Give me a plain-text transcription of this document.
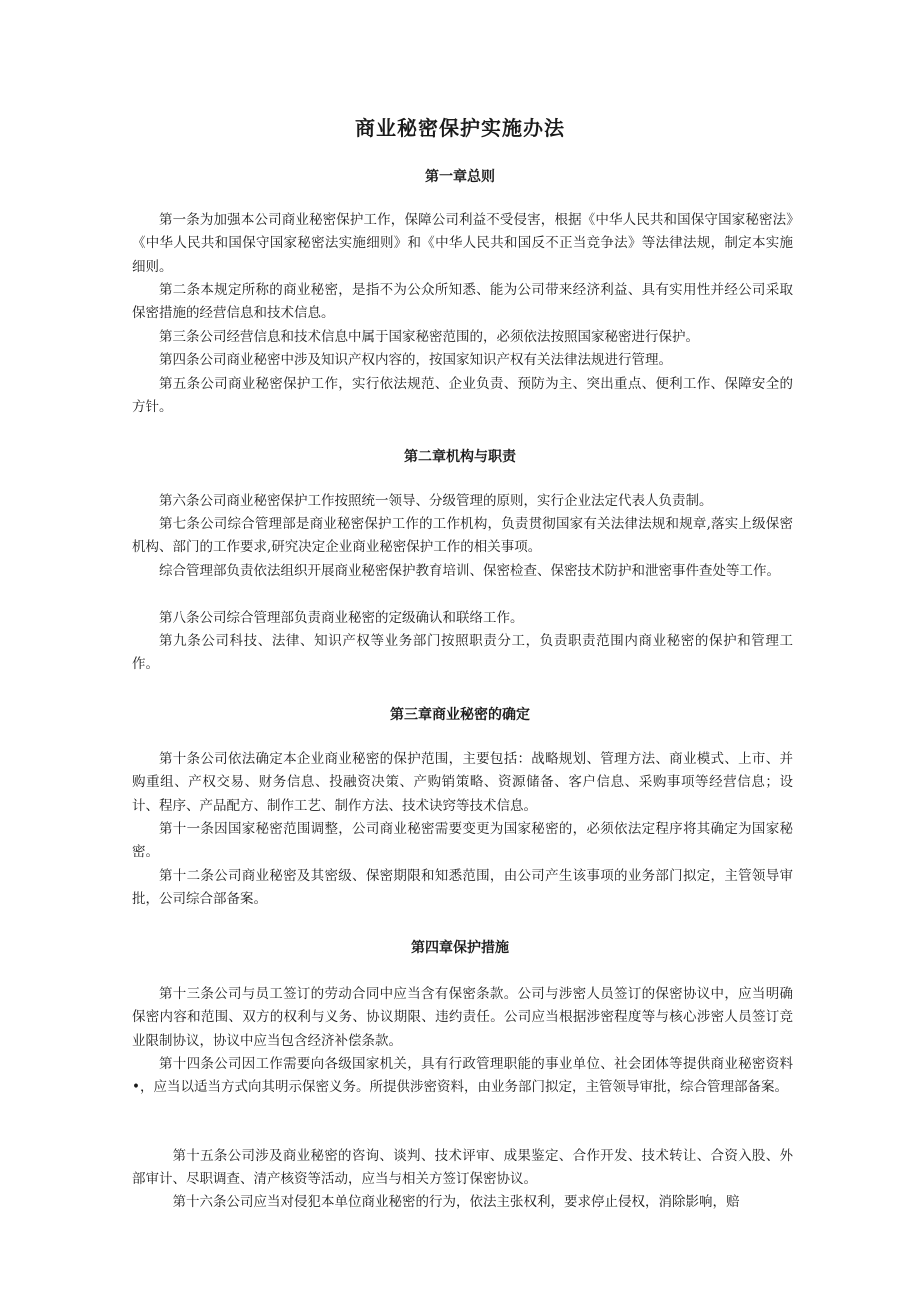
商业秘密保护实施办法
第一章总则

第一条为加强本公司商业秘密保护工作，保障公司利益不受侵害，根据《中华人民共和国保守国家秘密法》《中华人民共和国保守国家秘密法实施细则》和《中华人民共和国反不正当竞争法》等法律法规，制定本实施细则。

第二条本规定所称的商业秘密，是指不为公众所知悉、能为公司带来经济利益、具有实用性并经公司采取保密措施的经营信息和技术信息。

第三条公司经营信息和技术信息中属于国家秘密范围的，必须依法按照国家秘密进行保护。

第四条公司商业秘密中涉及知识产权内容的，按国家知识产权有关法律法规进行管理。

第五条公司商业秘密保护工作，实行依法规范、企业负责、预防为主、突出重点、便利工作、保障安全的方针。

第二章机构与职责

第六条公司商业秘密保护工作按照统一领导、分级管理的原则，实行企业法定代表人负责制。

第七条公司综合管理部是商业秘密保护工作的工作机构，负责贯彻国家有关法律法规和规章,落实上级保密机构、部门的工作要求,研究决定企业商业秘密保护工作的相关事项。

综合管理部负责依法组织开展商业秘密保护教育培训、保密检查、保密技术防护和泄密事件查处等工作。

第八条公司综合管理部负责商业秘密的定级确认和联络工作。

第九条公司科技、法律、知识产权等业务部门按照职责分工，负责职责范围内商业秘密的保护和管理工作。

第三章商业秘密的确定

第十条公司依法确定本企业商业秘密的保护范围，主要包括：战略规划、管理方法、商业模式、上市、并购重组、产权交易、财务信息、投融资决策、产购销策略、资源储备、客户信息、采购事项等经营信息；设计、程序、产品配方、制作工艺、制作方法、技术诀窍等技术信息。

第十一条因国家秘密范围调整，公司商业秘密需要变更为国家秘密的，必须依法定程序将其确定为国家秘密。

第十二条公司商业秘密及其密级、保密期限和知悉范围，由公司产生该事项的业务部门拟定，主管领导审批，公司综合部备案。

第四章保护措施

第十三条公司与员工签订的劳动合同中应当含有保密条款。公司与涉密人员签订的保密协议中，应当明确保密内容和范围、双方的权利与义务、协议期限、违约责任。公司应当根据涉密程度等与核心涉密人员签订竞业限制协议，协议中应当包含经济补偿条款。

第十四条公司因工作需要向各级国家机关，具有行政管理职能的事业单位、社会团体等提供商业秘密资料•，应当以适当方式向其明示保密义务。所提供涉密资料，由业务部门拟定，主管领导审批，综合管理部备案。

第十五条公司涉及商业秘密的咨询、谈判、技术评审、成果鉴定、合作开发、技术转让、合资入股、外部审计、尽职调查、清产核资等活动，应当与相关方签订保密协议。

第十六条公司应当对侵犯本单位商业秘密的行为，依法主张权利，要求停止侵权，消除影响，赔
